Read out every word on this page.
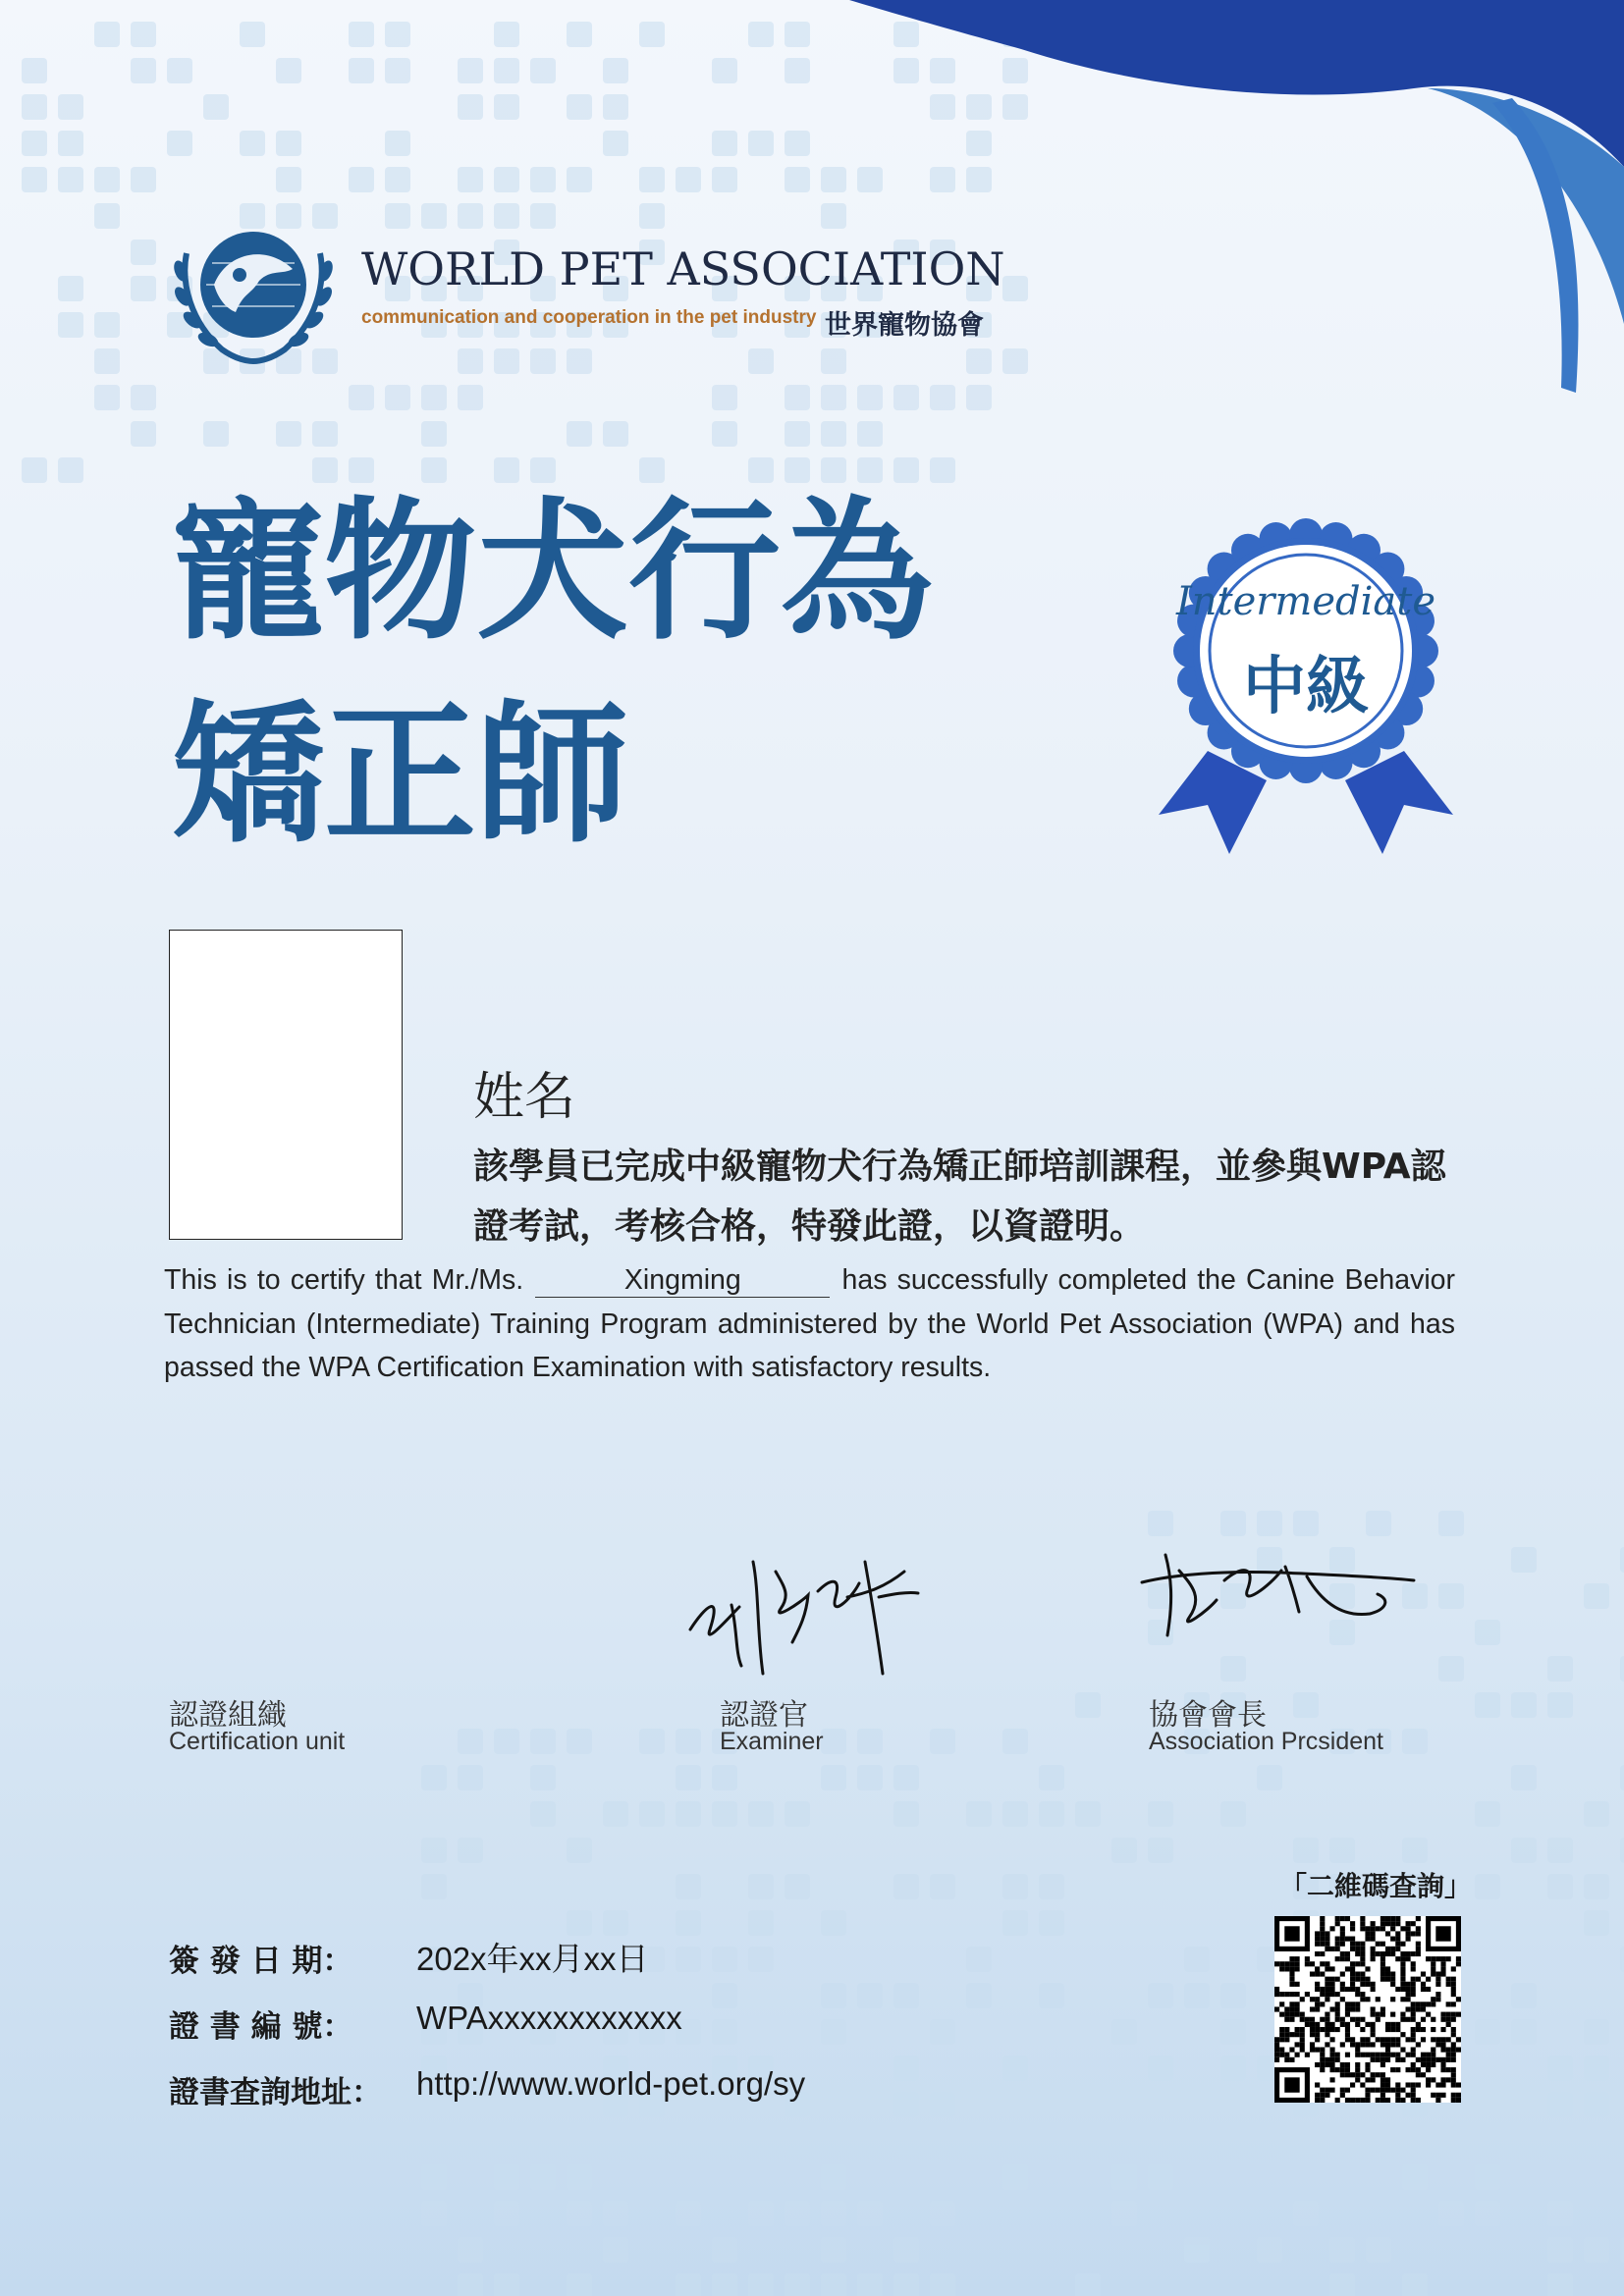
WORLD PET ASSOCIATION
communication and cooperation in the pet industry 世界寵物協會
寵物犬行為
矯正師
Intermediate
中級
姓名
該學員已完成中級寵物犬行為矯正師培訓課程，並參與WPA認證考試，考核合格，特發此證，以資證明。
This is to certify that Mr./Ms.	Xingming	has successfully completed the Canine Behavior Technician (Intermediate) Training Program administered by the World Pet Association (WPA) and has passed the WPA Certification Examination with satisfactory results.
認證組織
Certification unit
認證官
Examiner
協會會長
Association Prcsident
簽 發 日 期： 202x年xx月xx日
證 書 編 號： WPAxxxxxxxxxxxx
證書查詢地址： http://www.world-pet.org/sy
「二維碼查詢」
